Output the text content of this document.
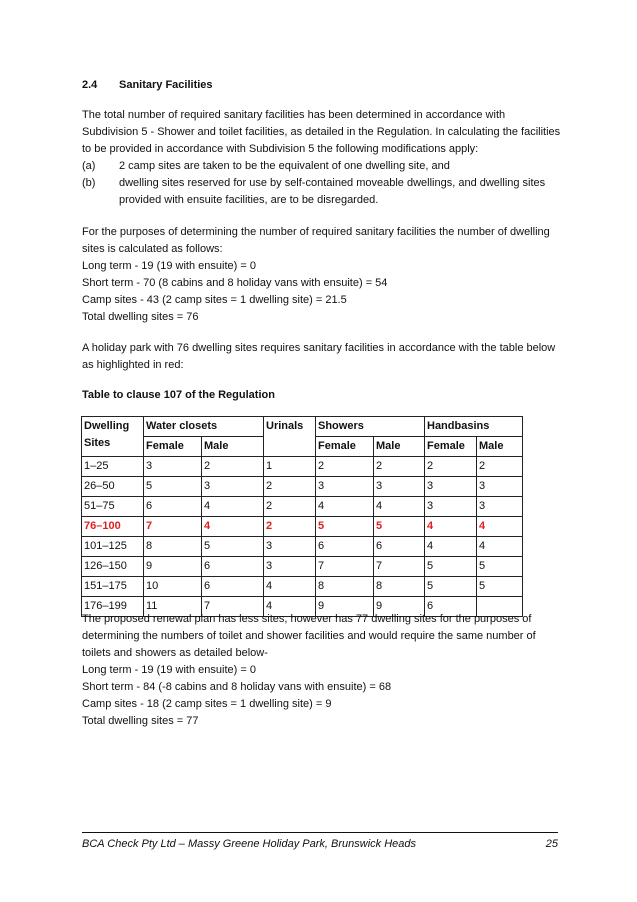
2.4 Sanitary Facilities
The total number of required sanitary facilities has been determined in accordance with
Subdivision 5 - Shower and toilet facilities, as detailed in the Regulation. In calculating the facilities
to be provided in accordance with Subdivision 5 the following modifications apply:
(a) 2 camp sites are taken to be the equivalent of one dwelling site, and
(b) dwelling sites reserved for use by self-contained moveable dwellings, and dwelling sites
provided with ensuite facilities, are to be disregarded.
For the purposes of determining the number of required sanitary facilities the number of dwelling
sites is calculated as follows:
Long term - 19 (19 with ensuite) = 0
Short term - 70 (8 cabins and 8 holiday vans with ensuite) = 54
Camp sites - 43 (2 camp sites = 1 dwelling site) = 21.5
Total dwelling sites = 76
A holiday park with 76 dwelling sites requires sanitary facilities in accordance with the table below
as highlighted in red:
Table to clause 107 of the Regulation
Dwelling
Sites	Water closets		Urinals	Showers		Handbasins	
	Female	Male		Female	Male	Female	Male
1–25	3	2	1	2	2	2	2
26–50	5	3	2	3	3	3	3
51–75	6	4	2	4	4	3	3
76–100	7	4	2	5	5	4	4
101–125	8	5	3	6	6	4	4
126–150	9	6	3	7	7	5	5
151–175	10	6	4	8	8	5	5
176–199	11	7	4	9	9	6	
The proposed renewal plan has less sites, however has 77 dwelling sites for the purposes of
determining the numbers of toilet and shower facilities and would require the same number of
toilets and showers as detailed below-
Long term - 19 (19 with ensuite) = 0
Short term - 84 (-8 cabins and 8 holiday vans with ensuite) = 68
Camp sites - 18 (2 camp sites = 1 dwelling site) = 9
Total dwelling sites = 77
BCA Check Pty Ltd – Massy Greene Holiday Park, Brunswick Heads	25
